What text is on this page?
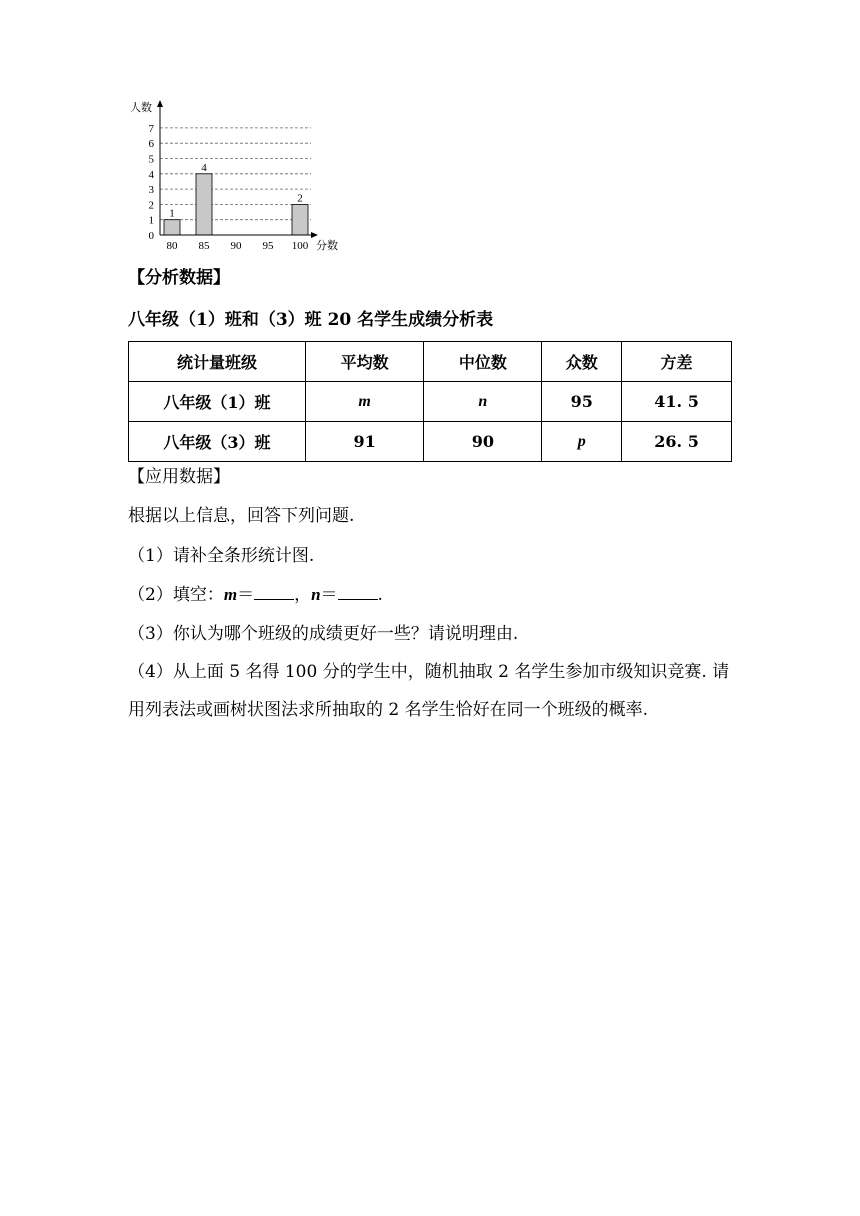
1
4
2
0
1
2
3
4
5
6
7
80 85 90 95 100
人数
分数
【分析数据】
八年级（1）班和（3）班 20 名学生成绩分析表
统计量班级	平均数	中位数	众数	方差
八年级（1）班	m	n	95	41. 5
八年级（3）班	91	90	p	26. 5
【应用数据】
根据以上信息，回答下列问题.
（1）请补全条形统计图.
（2）填空：m＝ ，n＝ .
（3）你认为哪个班级的成绩更好一些？请说明理由.
（4）从上面 5 名得 100 分的学生中，随机抽取 2 名学生参加市级知识竞赛. 请用列表法或画树状图法求所抽取的 2 名学生恰好在同一个班级的概率.
